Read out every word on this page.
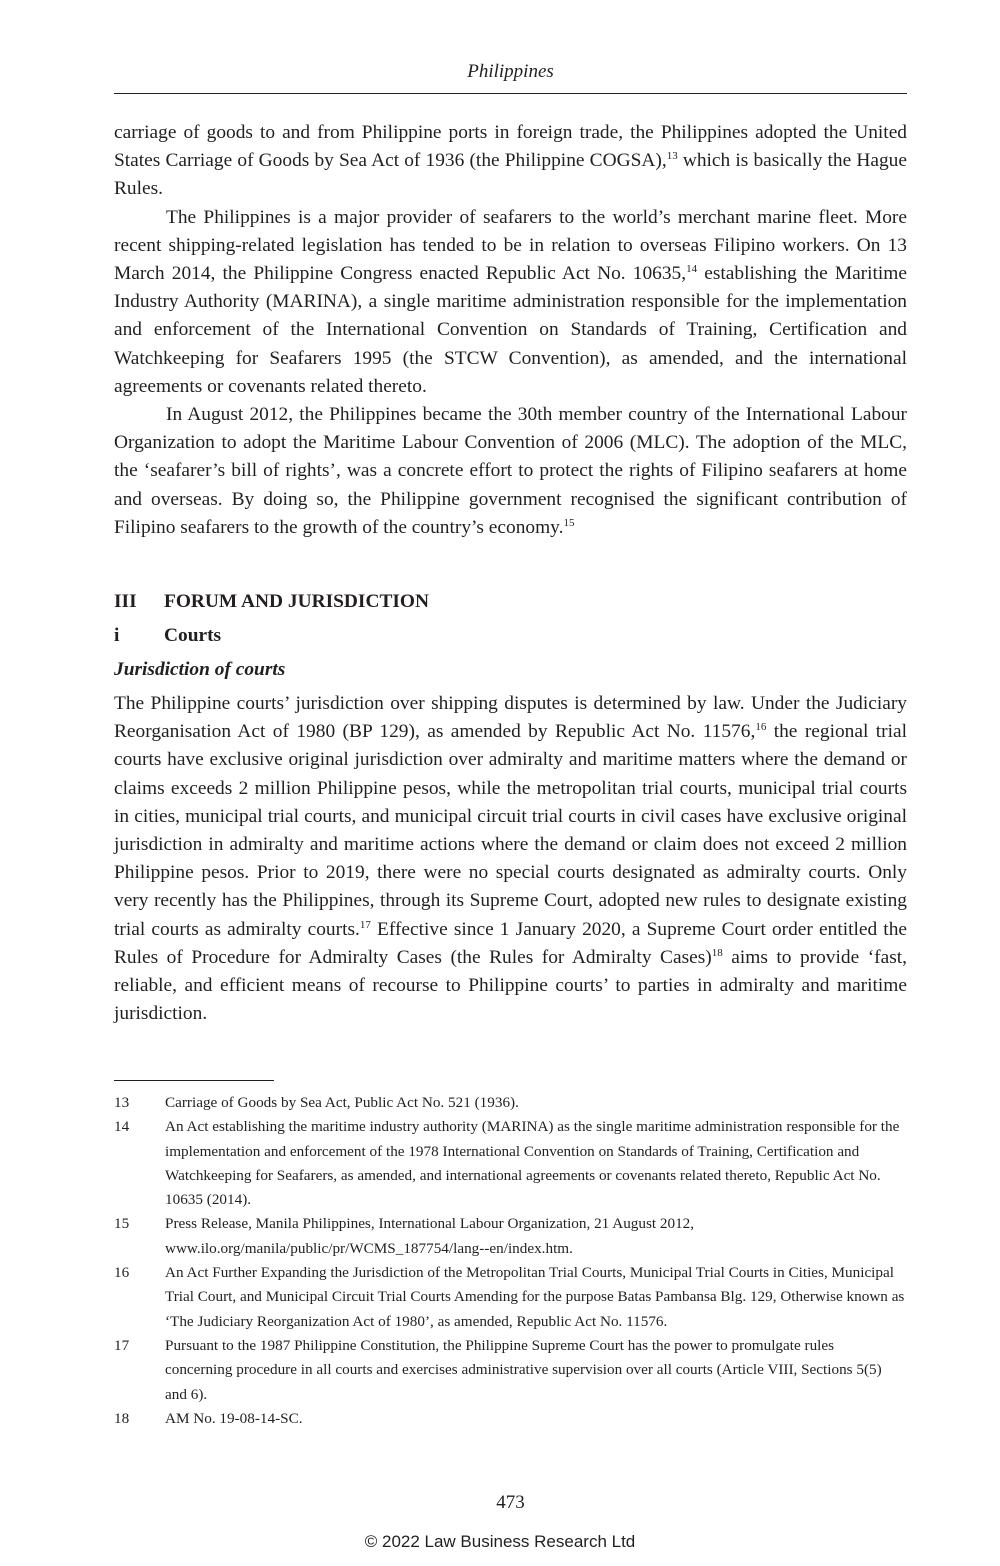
Philippines

carriage of goods to and from Philippine ports in foreign trade, the Philippines adopted the United States Carriage of Goods by Sea Act of 1936 (the Philippine COGSA),$^{13}$ which is basically the Hague Rules.

The Philippines is a major provider of seafarers to the world’s merchant marine fleet. More recent shipping-related legislation has tended to be in relation to overseas Filipino workers. On 13 March 2014, the Philippine Congress enacted Republic Act No. 10635,14 establishing the Maritime Industry Authority (MARINA), a single maritime administration responsible for the implementation and enforcement of the International Convention on Standards of Training, Certification and Watchkeeping for Seafarers 1995 (the STCW Convention), as amended, and the international agreements or covenants related thereto.

In August 2012, the Philippines became the 30th member country of the International Labour Organization to adopt the Maritime Labour Convention of 2006 (MLC). The adoption of the MLC, the ‘seafarer’s bill of rights’, was a concrete effort to protect the rights of Filipino seafarers at home and overseas. By doing so, the Philippine government recognised the significant contribution of Filipino seafarers to the growth of the country’s economy.$^{15}$

III	FORUM AND JURISDICTION
i	Courts
Jurisdiction of courts

The Philippine courts’ jurisdiction over shipping disputes is determined by law. Under the Judiciary Reorganisation Act of 1980 (BP 129), as amended by Republic Act No. 11576,16 the regional trial courts have exclusive original jurisdiction over admiralty and maritime matters where the demand or claims exceeds 2 million Philippine pesos, while the metropolitan trial courts, municipal trial courts in cities, municipal trial courts, and municipal circuit trial courts in civil cases have exclusive original jurisdiction in admiralty and maritime actions where the demand or claim does not exceed 2 million Philippine pesos. Prior to 2019, there were no special courts designated as admiralty courts. Only very recently has the Philippines, through its Supreme Court, adopted new rules to designate existing trial courts as admiralty courts.$^{17}$ Effective since 1 January 2020, a Supreme Court order entitled the Rules of Procedure for Admiralty Cases (the Rules for Admiralty Cases)$^{18}$ aims to provide ‘fast, reliable, and efficient means of recourse to Philippine courts’ to parties in admiralty and maritime jurisdiction.

13	Carriage of Goods by Sea Act, Public Act No. 521 (1936).
14	An Act establishing the maritime industry authority (MARINA) as the single maritime administration responsible for the implementation and enforcement of the 1978 International Convention on Standards of Training, Certification and Watchkeeping for Seafarers, as amended, and international agreements or covenants related thereto, Republic Act No. 10635 (2014).
15	Press Release, Manila Philippines, International Labour Organization, 21 August 2012, www.ilo.org/manila/public/pr/WCMS_187754/lang--en/index.htm.
16	An Act Further Expanding the Jurisdiction of the Metropolitan Trial Courts, Municipal Trial Courts in Cities, Municipal Trial Court, and Municipal Circuit Trial Courts Amending for the purpose Batas Pambansa Blg. 129, Otherwise known as ‘The Judiciary Reorganization Act of 1980’, as amended, Republic Act No. 11576.
17	Pursuant to the 1987 Philippine Constitution, the Philippine Supreme Court has the power to promulgate rules concerning procedure in all courts and exercises administrative supervision over all courts (Article VIII, Sections 5(5) and 6).
18	AM No. 19-08-14-SC.
473
© 2022 Law Business Research Ltd
